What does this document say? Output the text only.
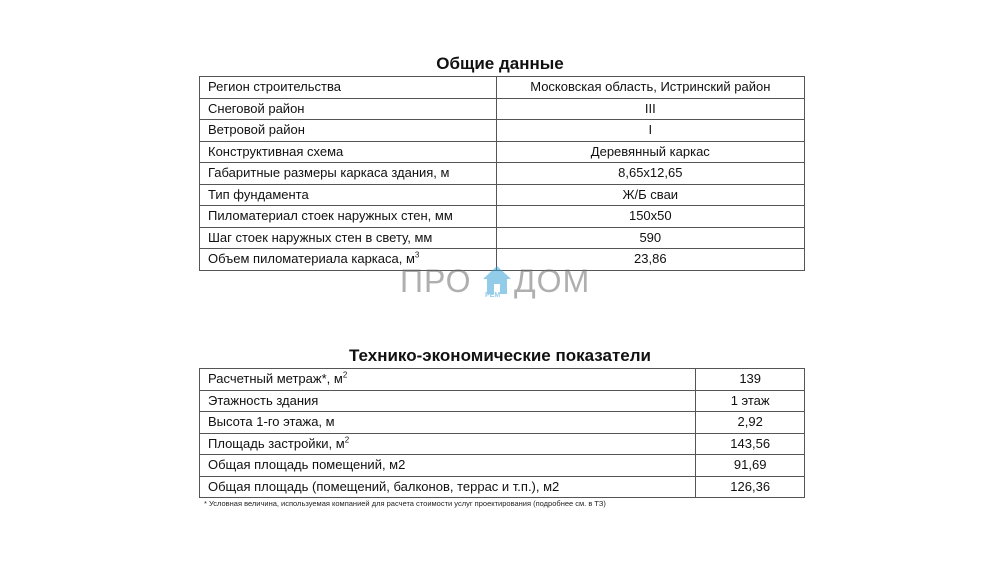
Общие данные
Регион строительства	Московская область, Истринский район
Снеговой район	III
Ветровой район	I
Конструктивная схема	Деревянный каркас
Габаритные размеры каркаса здания, м	8,65х12,65
Тип фундамента	Ж/Б сваи
Пиломатериал стоек наружных стен, мм	150х50
Шаг стоек наружных стен в свету, мм	590
Объем пиломатериала каркаса, $м^3$	23,86
ПРО РЕМ ДОМ
Технико-экономические показатели
Расчетный метраж*, $м^2$	139
Этажность здания	1 этаж
Высота 1-го этажа, м	2,92
Площадь застройки, $м^2$	143,56
Общая площадь помещений, м2	91,69
Общая площадь (помещений, балконов, террас и т.п.), м2	126,36
* Условная величина, используемая компанией для расчета стоимости услуг проектирования (подробнее см. в ТЗ)
